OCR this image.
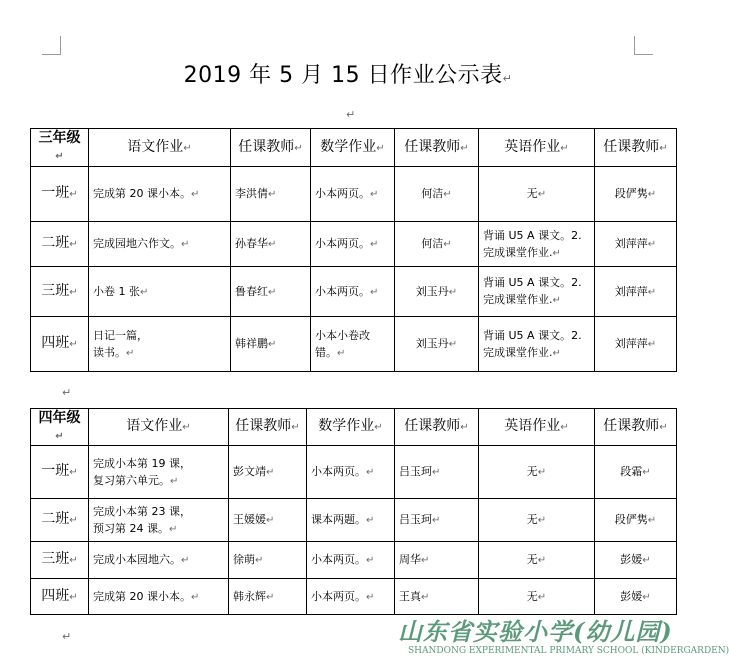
2019 年 5 月 15 日作业公示表↵
↵
三年级↵	语文作业↵	任课教师↵	数学作业↵	任课教师↵	英语作业↵	任课教师↵
一班↵	完成第 20 课小本。↵	李洪倩↵	小本两页。↵	何洁↵	无↵	段俨隽↵
二班↵	完成园地六作文。↵	孙春华↵	小本两页。↵	何洁↵	背诵 U5 A 课文。2.
完成课堂作业.↵	刘萍萍↵
三班↵	小卷 1 张↵	鲁春红↵	小本两页。↵	刘玉丹↵	背诵 U5 A 课文。2.
完成课堂作业.↵	刘萍萍↵
四班↵	日记一篇，
读书。↵	韩祥鹏↵	小本小卷改
错。↵	刘玉丹↵	背诵 U5 A 课文。2.
完成课堂作业.↵	刘萍萍↵
↵
四年级↵	语文作业↵	任课教师↵	数学作业↵	任课教师↵	英语作业↵	任课教师↵
一班↵	完成小本第 19 课，
复习第六单元。↵	彭文靖↵	小本两页。↵	吕玉珂↵	无↵	段霜↵
二班↵	完成小本第 23 课，
预习第 24 课。↵	王媛媛↵	课本两题。↵	吕玉珂↵	无↵	段俨隽↵
三班↵	完成小本园地六。↵	徐萌↵	小本两页。↵	周华↵	无↵	彭媛↵
四班↵	完成第 20 课小本。↵	韩永辉↵	小本两页。↵	王真↵	无↵	彭媛↵
↵	山东省实验小学(幼儿园)
SHANDONG EXPERIMENTAL PRIMARY SCHOOL (KINDERGARDEN)
